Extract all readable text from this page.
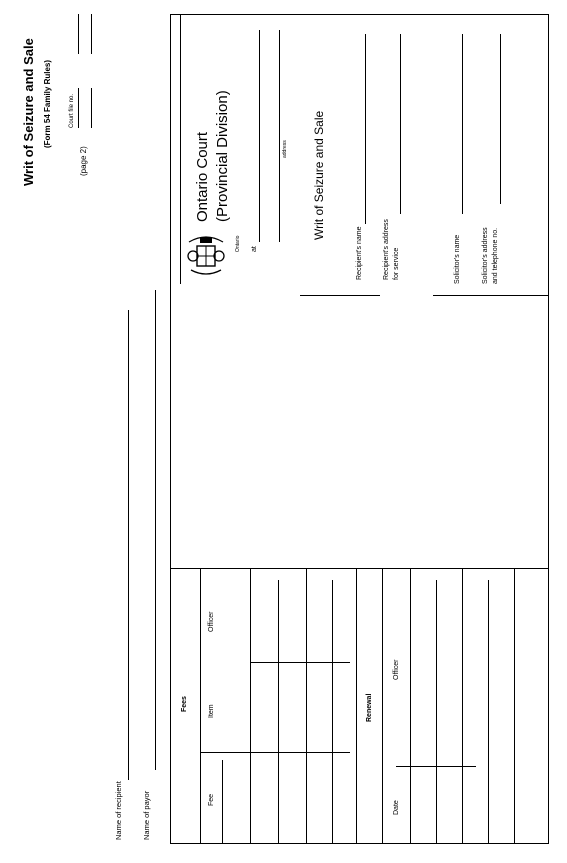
Writ of Seizure and Sale (Form 54 Family Rules)
(page 2)
Court file no.
Name of recipient	Name of payor
Ontario
Ontario Court (Provincial Division)
at
address Writ of Seizure and Sale
Recipient's name	Recipient's address for service	Solicitor's name	Solicitor's address and telephone no.
Fees
Fee
Item
Officer
Renewal
Date
Officer
